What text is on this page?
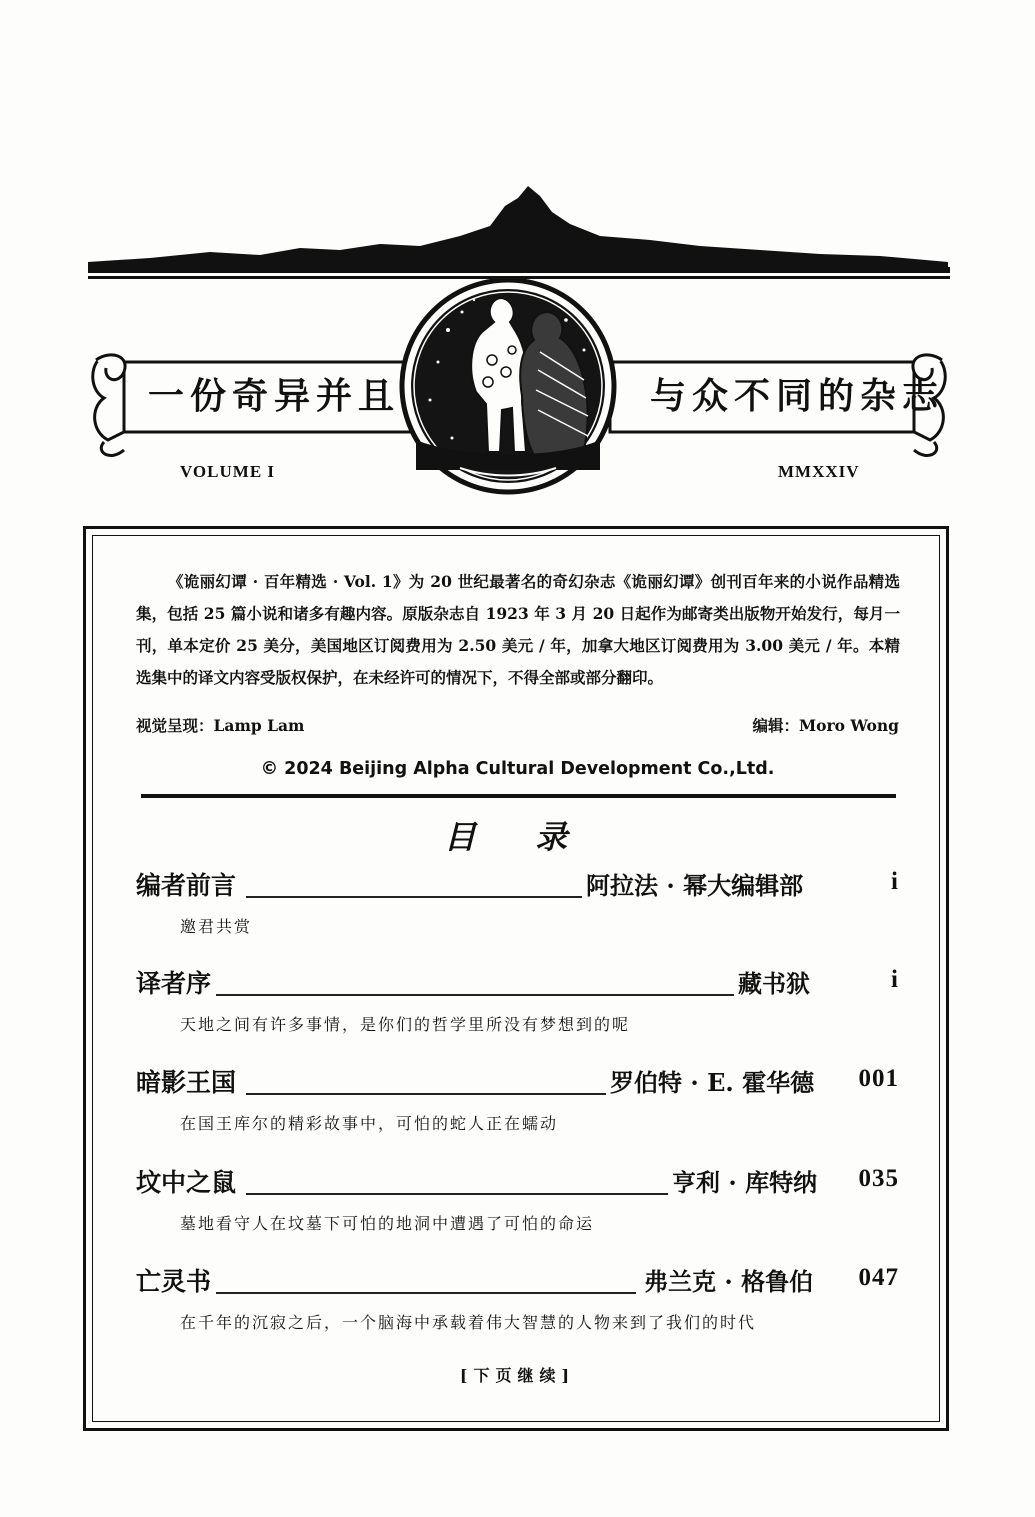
一份奇异并且	与众不同的杂志
VOLUME I	MMXXIV
《诡丽幻谭 · 百年精选 · Vol. 1》为 20 世纪最著名的奇幻杂志《诡丽幻谭》创刊百年来的小说作品精选集，包括 25 篇小说和诸多有趣内容。原版杂志自 1923 年 3 月 20 日起作为邮寄类出版物开始发行，每月一刊，单本定价 25 美分，美国地区订阅费用为 2.50 美元 / 年，加拿大地区订阅费用为 3.00 美元 / 年。本精选集中的译文内容受版权保护，在未经许可的情况下，不得全部或部分翻印。
视觉呈现：Lamp Lam	编辑：Moro Wong
© 2024 Beijing Alpha Cultural Development Co.,Ltd.
目 录
编者前言	阿拉法 · 幂大编辑部	i
邀君共赏
译者序	藏书狱	i
天地之间有许多事情，是你们的哲学里所没有梦想到的呢
暗影王国	罗伯特 · E. 霍华德 001
在国王库尔的精彩故事中，可怕的蛇人正在蠕动
坟中之鼠	亨利 · 库特纳 035
墓地看守人在坟墓下可怕的地洞中遭遇了可怕的命运
亡灵书	弗兰克 · 格鲁伯 047
在千年的沉寂之后，一个脑海中承载着伟大智慧的人物来到了我们的时代
[下页继续]
